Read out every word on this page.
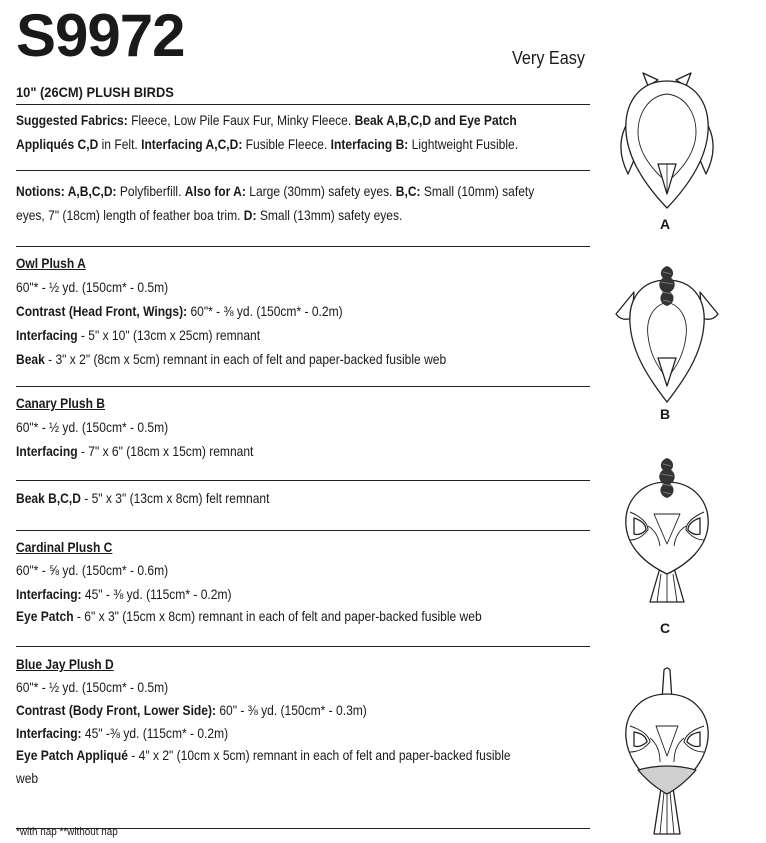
S9972	Very Easy
10" (26CM) PLUSH BIRDS
Suggested Fabrics: Fleece, Low Pile Faux Fur, Minky Fleece. Beak A,B,C,D and Eye Patch
Appliqués C,D in Felt. Interfacing A,C,D: Fusible Fleece. Interfacing B: Lightweight Fusible.
Notions: A,B,C,D: Polyfiberfill. Also for A: Large (30mm) safety eyes. B,C: Small (10mm) safety
eyes, 7" (18cm) length of feather boa trim. D: Small (13mm) safety eyes.
Owl Plush A
60"* - ½ yd. (150cm* - 0.5m)
Contrast (Head Front, Wings): 60"* - ⅜ yd. (150cm* - 0.2m)
Interfacing - 5" x 10" (13cm x 25cm) remnant
Beak - 3" x 2" (8cm x 5cm) remnant in each of felt and paper-backed fusible web
Canary Plush B
60"* - ½ yd. (150cm* - 0.5m)
Interfacing - 7" x 6" (18cm x 15cm) remnant
Beak B,C,D - 5" x 3" (13cm x 8cm) felt remnant
Cardinal Plush C
60"* - ⅝ yd. (150cm* - 0.6m)
Interfacing: 45" - ⅜ yd. (115cm* - 0.2m)
Eye Patch - 6" x 3" (15cm x 8cm) remnant in each of felt and paper-backed fusible web
Blue Jay Plush D
60"* - ½ yd. (150cm* - 0.5m)
Contrast (Body Front, Lower Side): 60" - ⅜ yd. (150cm* - 0.3m)
Interfacing: 45" -⅜ yd. (115cm* - 0.2m)
Eye Patch Appliqué - 4" x 2" (10cm x 5cm) remnant in each of felt and paper-backed fusible
web
*with nap **without nap
A
B
C
